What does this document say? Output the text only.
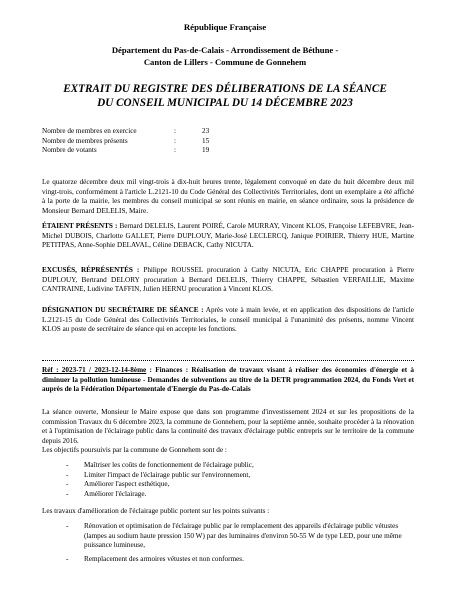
République Française
Département du Pas-de-Calais - Arrondissement de Béthune -
Canton de Lillers - Commune de Gonnehem
EXTRAIT DU REGISTRE DES DÉLIBERATIONS DE LA SÉANCE
DU CONSEIL MUNICIPAL DU 14 DÉCEMBRE 2023
Nombre de membres en exercice	:	23
Nombre de membres présents	:	15
Nombre de votants	:	19
Le quatorze décembre deux mil vingt-trois à dix-huit heures trente, légalement convoqué en date du huit décembre deux mil vingt-trois, conformément à l'article L.2121-10 du Code Général des Collectivités Territoriales, dont un exemplaire a été affiché à la porte de la mairie, les membres du conseil municipal se sont réunis en mairie, en séance ordinaire, sous la présidence de Monsieur Bernard DELELIS, Maire.
ÉTAIENT PRÉSENTS : Bernard DELELIS, Laurent POIRÉ, Carole MURRAY, Vincent KLOS, Françoise LEFEBVRE, Jean-Michel DUBOIS, Charlotte GALLET, Pierre DUPLOUY, Marie-José LECLERCQ, Janique POIRIER, Thierry HUE, Martine PETITPAS, Anne-Sophie DELAVAL, Céline DEBACK, Cathy NICUTA.
EXCUSÉS, RÉPRÉSENTÉS : Philippe ROUSSEL procuration à Cathy NICUTA, Eric CHAPPE procuration à Pierre DUPLOUY, Bertrand DELORY procuration à Bernard DELELIS, Thierry CHAPPE, Sébastien VERFAILLIE, Maxime CANTRAINE, Ludivine TAFFIN, Julien HERNU procuration à Vincent KLOS.
DÉSIGNATION DU SECRÉTAIRE DE SÉANCE : Après vote à main levée, et en application des dispositions de l'article L.2121-15 du Code Général des Collectivités Territoriales, le conseil municipal à l'unanimité des présents, nomme Vincent KLOS au poste de secrétaire de séance qui en accepte les fonctions.
Réf : 2023-71 / 2023-12-14-8ème : Finances : Réalisation de travaux visant à réaliser des économies d'énergie et à diminuer la pollution lumineuse - Demandes de subventions au titre de la DETR programmation 2024, du Fonds Vert et auprès de la Fédération Départementale d'Energie du Pas-de-Calais
La séance ouverte, Monsieur le Maire expose que dans son programme d'investissement 2024 et sur les propositions de la commission Travaux du 6 décembre 2023, la commune de Gonnehem, pour la septième année, souhaite procéder à la rénovation et à l'optimisation de l'éclairage public dans la continuité des travaux d'éclairage public entrepris sur le territoire de la commune depuis 2016.
Les objectifs poursuivis par la commune de Gonnehem sont de :
- Maîtriser les coûts de fonctionnement de l'éclairage public,
- Limiter l'impact de l'éclairage public sur l'environnement,
- Améliorer l'aspect esthétique,
- Améliorer l'éclairage.
Les travaux d'amélioration de l'éclairage public portent sur les points suivants :
- Rénovation et optimisation de l'éclairage public par le remplacement des appareils d'éclairage public vétustes (lampes au sodium haute pression 150 W) par des luminaires d'environ 50-55 W de type LED, pour une même puissance lumineuse,
- Remplacement des armoires vétustes et non conformes.
